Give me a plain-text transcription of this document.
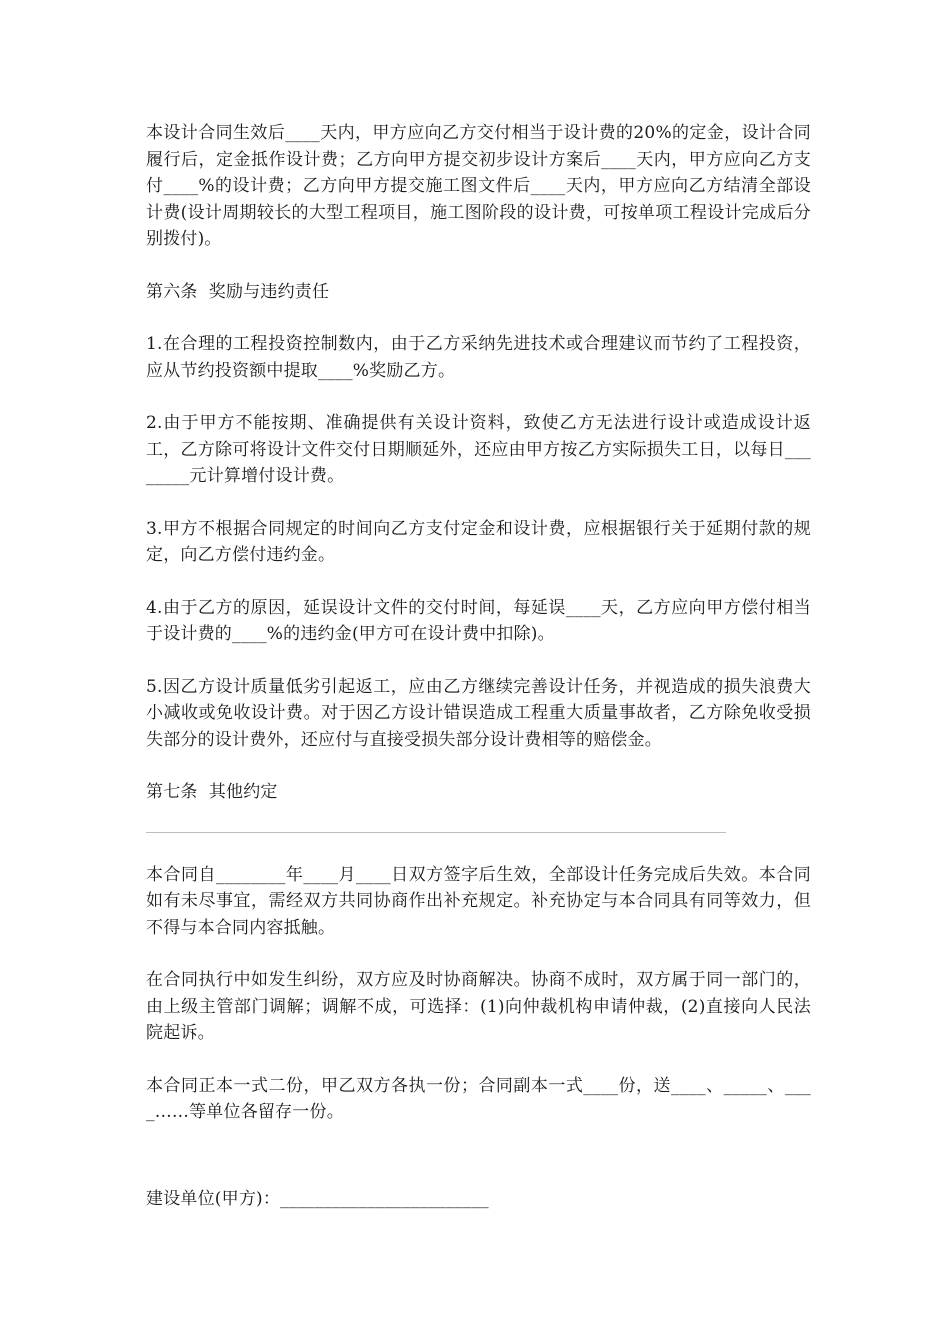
本设计合同生效后____天内，甲方应向乙方交付相当于设计费的20%的定金，设计合同履行后，定金抵作设计费；乙方向甲方提交初步设计方案后____天内，甲方应向乙方支付____%的设计费；乙方向甲方提交施工图文件后____天内，甲方应向乙方结清全部设计费(设计周期较长的大型工程项目，施工图阶段的设计费，可按单项工程设计完成后分别拨付)。

第六条  奖励与违约责任

1.在合理的工程投资控制数内，由于乙方采纳先进技术或合理建议而节约了工程投资，应从节约投资额中提取____%奖励乙方。

2.由于甲方不能按期、准确提供有关设计资料，致使乙方无法进行设计或造成设计返工，乙方除可将设计文件交付日期顺延外，还应由甲方按乙方实际损失工日，以每日________元计算增付设计费。

3.甲方不根据合同规定的时间向乙方支付定金和设计费，应根据银行关于延期付款的规定，向乙方偿付违约金。

4.由于乙方的原因，延误设计文件的交付时间，每延误____天，乙方应向甲方偿付相当于设计费的____%的违约金(甲方可在设计费中扣除)。

5.因乙方设计质量低劣引起返工，应由乙方继续完善设计任务，并视造成的损失浪费大小减收或免收设计费。对于因乙方设计错误造成工程重大质量事故者，乙方除免收受损失部分的设计费外，还应付与直接受损失部分设计费相等的赔偿金。

第七条  其他约定

本合同自________年____月____日双方签字后生效，全部设计任务完成后失效。本合同如有未尽事宜，需经双方共同协商作出补充规定。补充协定与本合同具有同等效力，但不得与本合同内容抵触。

在合同执行中如发生纠纷，双方应及时协商解决。协商不成时，双方属于同一部门的，由上级主管部门调解；调解不成，可选择：(1)向仲裁机构申请仲裁，(2)直接向人民法院起诉。

本合同正本一式二份，甲乙双方各执一份；合同副本一式____份，送____、_____、____……等单位各留存一份。

建设单位(甲方)：________________________
